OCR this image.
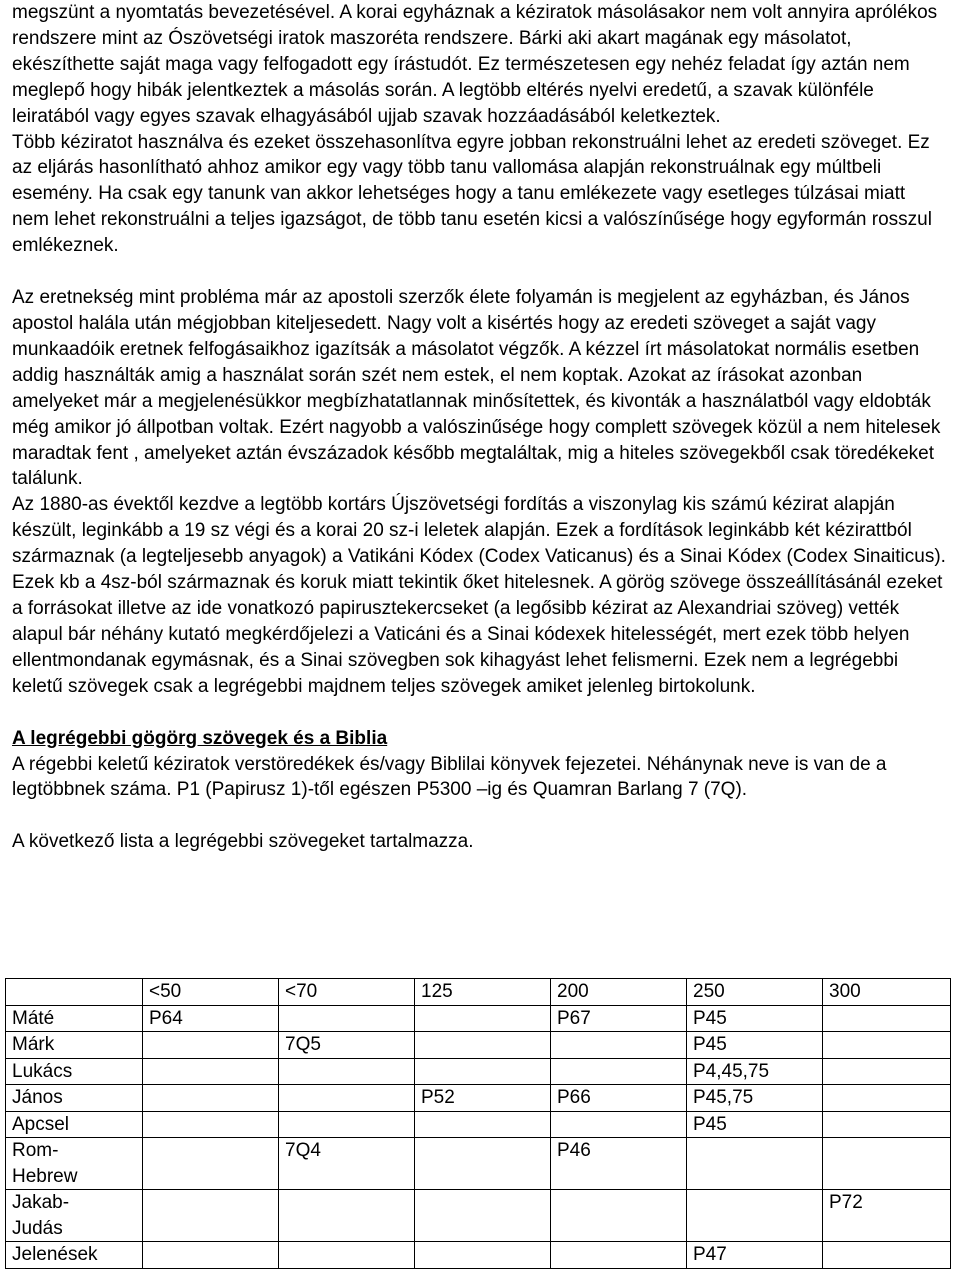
megszünt a nyomtatás bevezetésével. A korai egyháznak a kéziratok másolásakor nem volt annyira aprólékos rendszere mint az Ószövetségi iratok maszoréta rendszere. Bárki aki akart magának egy másolatot, ekészíthette saját maga vagy felfogadott egy írástudót. Ez természetesen egy nehéz feladat így aztán nem meglepő hogy hibák jelentkeztek a másolás során. A legtöbb eltérés nyelvi eredetű, a szavak különféle leiratából vagy egyes szavak elhagyásából ujjab szavak hozzáadásából keletkeztek.

Több kéziratot használva és ezeket összehasonlítva egyre jobban rekonstruálni lehet az eredeti szöveget. Ez az eljárás hasonlítható ahhoz amikor egy vagy több tanu vallomása alapján rekonstruálnak egy múltbeli esemény. Ha csak egy tanunk van akkor lehetséges hogy a tanu emlékezete vagy esetleges túlzásai miatt nem lehet rekonstruálni a teljes igazságot, de több tanu esetén kicsi a valószínűsége hogy egyformán rosszul emlékeznek.

Az eretnekség mint probléma már az apostoli szerzők élete folyamán is megjelent az egyházban, és János apostol halála után mégjobban kiteljesedett. Nagy volt a kisértés hogy az eredeti szöveget a saját vagy munkaadóik eretnek felfogásaikhoz igazítsák a másolatot végzők. A kézzel írt másolatokat normális esetben addig használták amig a használat során szét nem estek, el nem koptak. Azokat az írásokat azonban amelyeket már a megjelenésükkor megbízhatatlannak minősítettek, és kivonták a használatból vagy eldobták még amikor jó állpotban voltak. Ezért nagyobb a valószinűsége hogy complett szövegek közül a nem hitelesek maradtak fent , amelyeket aztán évszázadok később megtaláltak, mig a hiteles szövegekből csak töredékeket találunk.

Az 1880-as évektől kezdve a legtöbb kortárs Újszövetségi fordítás a viszonylag kis számú kézirat alapján készült, leginkább a 19 sz végi és a korai 20 sz-i leletek alapján. Ezek a fordítások leginkább két kézirattból származnak (a legteljesebb anyagok) a Vatikáni Kódex (Codex Vaticanus) és a Sinai Kódex (Codex Sinaiticus). Ezek kb a 4sz-ból származnak és koruk miatt tekintik őket hitelesnek. A görög szövege összeállításánál ezeket a forrásokat illetve az ide vonatkozó papirusztekercseket (a legősibb kézirat az Alexandriai szöveg) vették alapul bár néhány kutató megkérdőjelezi a Vaticáni és a Sinai kódexek hitelességét, mert ezek több helyen ellentmondanak egymásnak, és a Sinai szövegben sok kihagyást lehet felismerni. Ezek nem a legrégebbi keletű szövegek csak a legrégebbi majdnem teljes szövegek amiket jelenleg birtokolunk.

A legrégebbi gögörg szövegek és a Biblia

A régebbi keletű kéziratok verstöredékek és/vagy Biblilai könyvek fejezetei. Néhánynak neve is van de a legtöbbnek száma. P1 (Papirusz 1)-től egészen P5300 –ig és Quamran Barlang 7 (7Q).

A következő lista a legrégebbi szövegeket tartalmazza.

	<50	<70	125	200	250	300
Máté	P64			P67	P45	
Márk		7Q5			P45	
Lukács					P4,45,75	
János			P52	P66	P45,75	
Apcsel					P45	
Rom-
Hebrew		7Q4		P46		
Jakab-
Judás						P72
Jelenések					P47	
